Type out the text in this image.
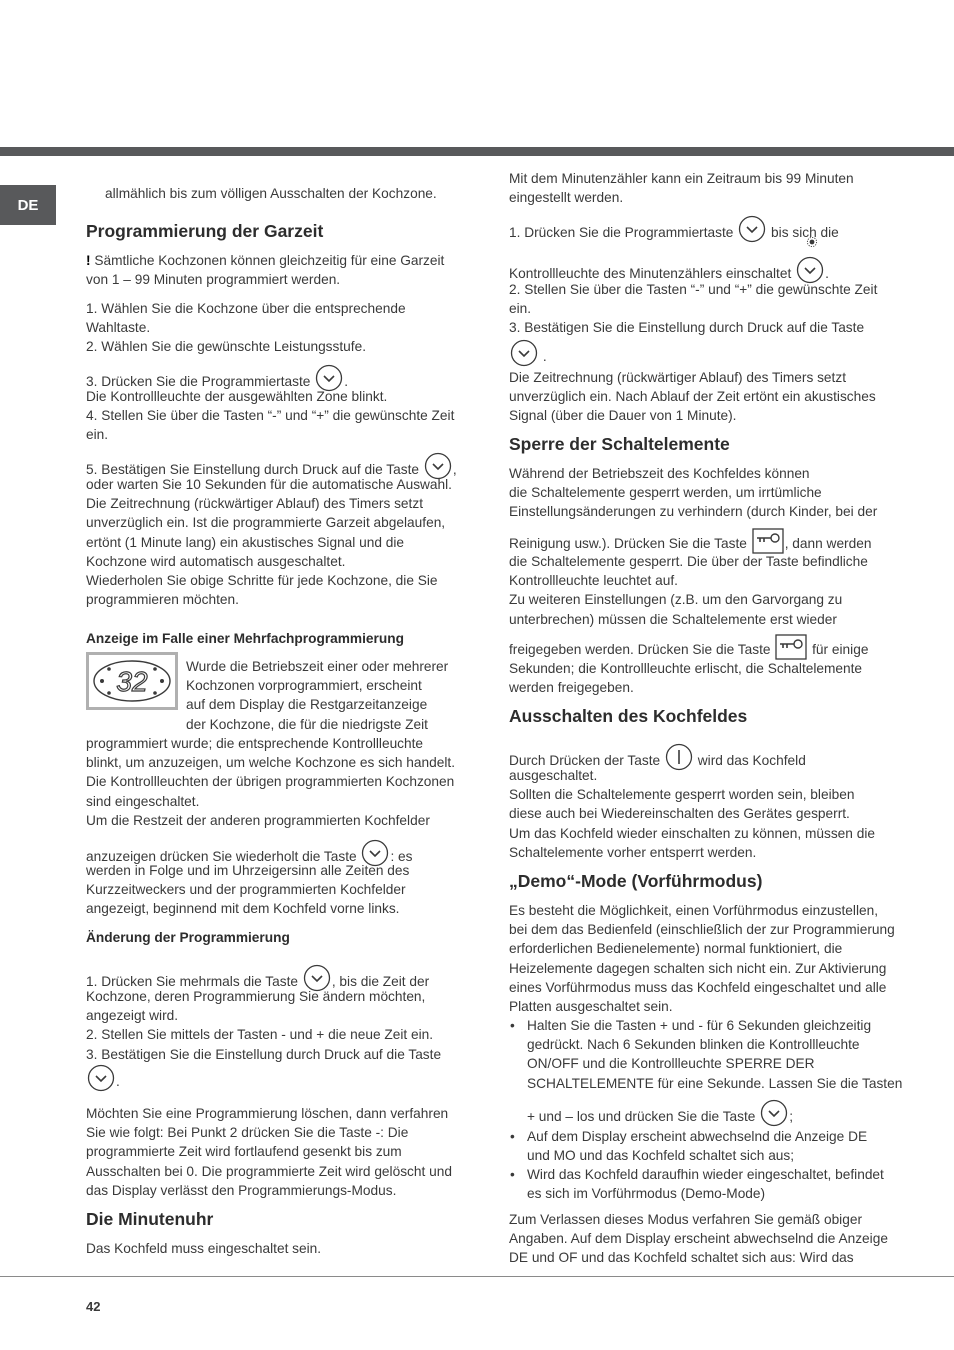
DE

allmählich bis zum völligen Ausschalten der Kochzone.

Programmierung der Garzeit

! Sämtliche Kochzonen können gleichzeitig für eine Garzeit

von 1 – 99 Minuten programmiert werden.

1. Wählen Sie die Kochzone über die entsprechende

Wahltaste.

2. Wählen Sie die gewünschte Leistungsstufe.

3. Drücken Sie die Programmiertaste .

Die Kontrollleuchte der ausgewählten Zone blinkt.

4. Stellen Sie über die Tasten “-” und “+” die gewünschte Zeit

ein.

5. Bestätigen Sie Einstellung durch Druck auf die Taste ,

oder warten Sie 10 Sekunden für die automatische Auswahl.

Die Zeitrechnung (rückwärtiger Ablauf) des Timers setzt

unverzüglich ein. Ist die programmierte Garzeit abgelaufen,

ertönt (1 Minute lang) ein akustisches Signal und die

Kochzone wird automatisch ausgeschaltet.

Wiederholen Sie obige Schritte für jede Kochzone, die Sie

programmieren möchten.

Anzeige im Falle einer Mehrfachprogrammierung
32	Wurde die Betriebszeit einer oder mehrerer

Kochzonen vorprogrammiert, erscheint

auf dem Display die Restgarzeitanzeige

der Kochzone, die für die niedrigste Zeit

programmiert wurde; die entsprechende Kontrollleuchte

blinkt, um anzuzeigen, um welche Kochzone es sich handelt.

Die Kontrollleuchten der übrigen programmierten Kochzonen

sind eingeschaltet.

Um die Restzeit der anderen programmierten Kochfelder

anzuzeigen drücken Sie wiederholt die Taste : es

werden in Folge und im Uhrzeigersinn alle Zeiten des

Kurzzeitweckers und der programmierten Kochfelder

angezeigt, beginnend mit dem Kochfeld vorne links.

Änderung der Programmierung

1. Drücken Sie mehrmals die Taste , bis die Zeit der

Kochzone, deren Programmierung Sie ändern möchten,

angezeigt wird.

2. Stellen Sie mittels der Tasten - und + die neue Zeit ein.

3. Bestätigen Sie die Einstellung durch Druck auf die Taste

.

Möchten Sie eine Programmierung löschen, dann verfahren

Sie wie folgt: Bei Punkt 2 drücken Sie die Taste -: Die

programmierte Zeit wird fortlaufend gesenkt bis zum

Ausschalten bei 0. Die programmierte Zeit wird gelöscht und

das Display verlässt den Programmierungs-Modus.

Die Minutenuhr

Das Kochfeld muss eingeschaltet sein.

Mit dem Minutenzähler kann ein Zeitraum bis 99 Minuten

eingestellt werden.

1. Drücken Sie die Programmiertaste	bis sich die

Kontrollleuchte des Minutenzählers einschaltet .

2. Stellen Sie über die Tasten “-” und “+” die gewünschte Zeit

ein.

3. Bestätigen Sie die Einstellung durch Druck auf die Taste

.

Die Zeitrechnung (rückwärtiger Ablauf) des Timers setzt

unverzüglich ein. Nach Ablauf der Zeit ertönt ein akustisches

Signal (über die Dauer von 1 Minute).

Sperre der Schaltelemente

Während der Betriebszeit des Kochfeldes können

die Schaltelemente gesperrt werden, um irrtümliche

Einstellungsänderungen zu verhindern (durch Kinder, bei der

Reinigung usw.). Drücken Sie die Taste	, dann werden

die Schaltelemente gesperrt. Die über der Taste befindliche

Kontrollleuchte leuchtet auf.

Zu weiteren Einstellungen (z.B. um den Garvorgang zu

unterbrechen) müssen die Schaltelemente erst wieder

freigegeben werden. Drücken Sie die Taste	für einige

Sekunden; die Kontrollleuchte erlischt, die Schaltelemente

werden freigegeben.

Ausschalten des Kochfeldes

Durch Drücken der Taste	wird das Kochfeld

ausgeschaltet.

Sollten die Schaltelemente gesperrt worden sein, bleiben

diese auch bei Wiedereinschalten des Gerätes gesperrt.

Um das Kochfeld wieder einschalten zu können, müssen die

Schaltelemente vorher entsperrt werden.

„Demo“-Mode (Vorführmodus)

Es besteht die Möglichkeit, einen Vorführmodus einzustellen,

bei dem das Bedienfeld (einschließlich der zur Programmierung

erforderlichen Bedienelemente) normal funktioniert, die

Heizelemente dagegen schalten sich nicht ein. Zur Aktivierung

eines Vorführmodus muss das Kochfeld eingeschaltet und alle

Platten ausgeschaltet sein.

• Halten Sie die Tasten + und - für 6 Sekunden gleichzeitig

gedrückt. Nach 6 Sekunden blinken die Kontrollleuchte

ON/OFF und die Kontrollleuchte SPERRE DER

SCHALTELEMENTE für eine Sekunde. Lassen Sie die Tasten

+ und – los und drücken Sie die Taste ;

• Auf dem Display erscheint abwechselnd die Anzeige DE

und MO und das Kochfeld schaltet sich aus;

• Wird das Kochfeld daraufhin wieder eingeschaltet, befindet

es sich im Vorführmodus (Demo-Mode)

Zum Verlassen dieses Modus verfahren Sie gemäß obiger

Angaben. Auf dem Display erscheint abwechselnd die Anzeige

DE und OF und das Kochfeld schaltet sich aus: Wird das

42
